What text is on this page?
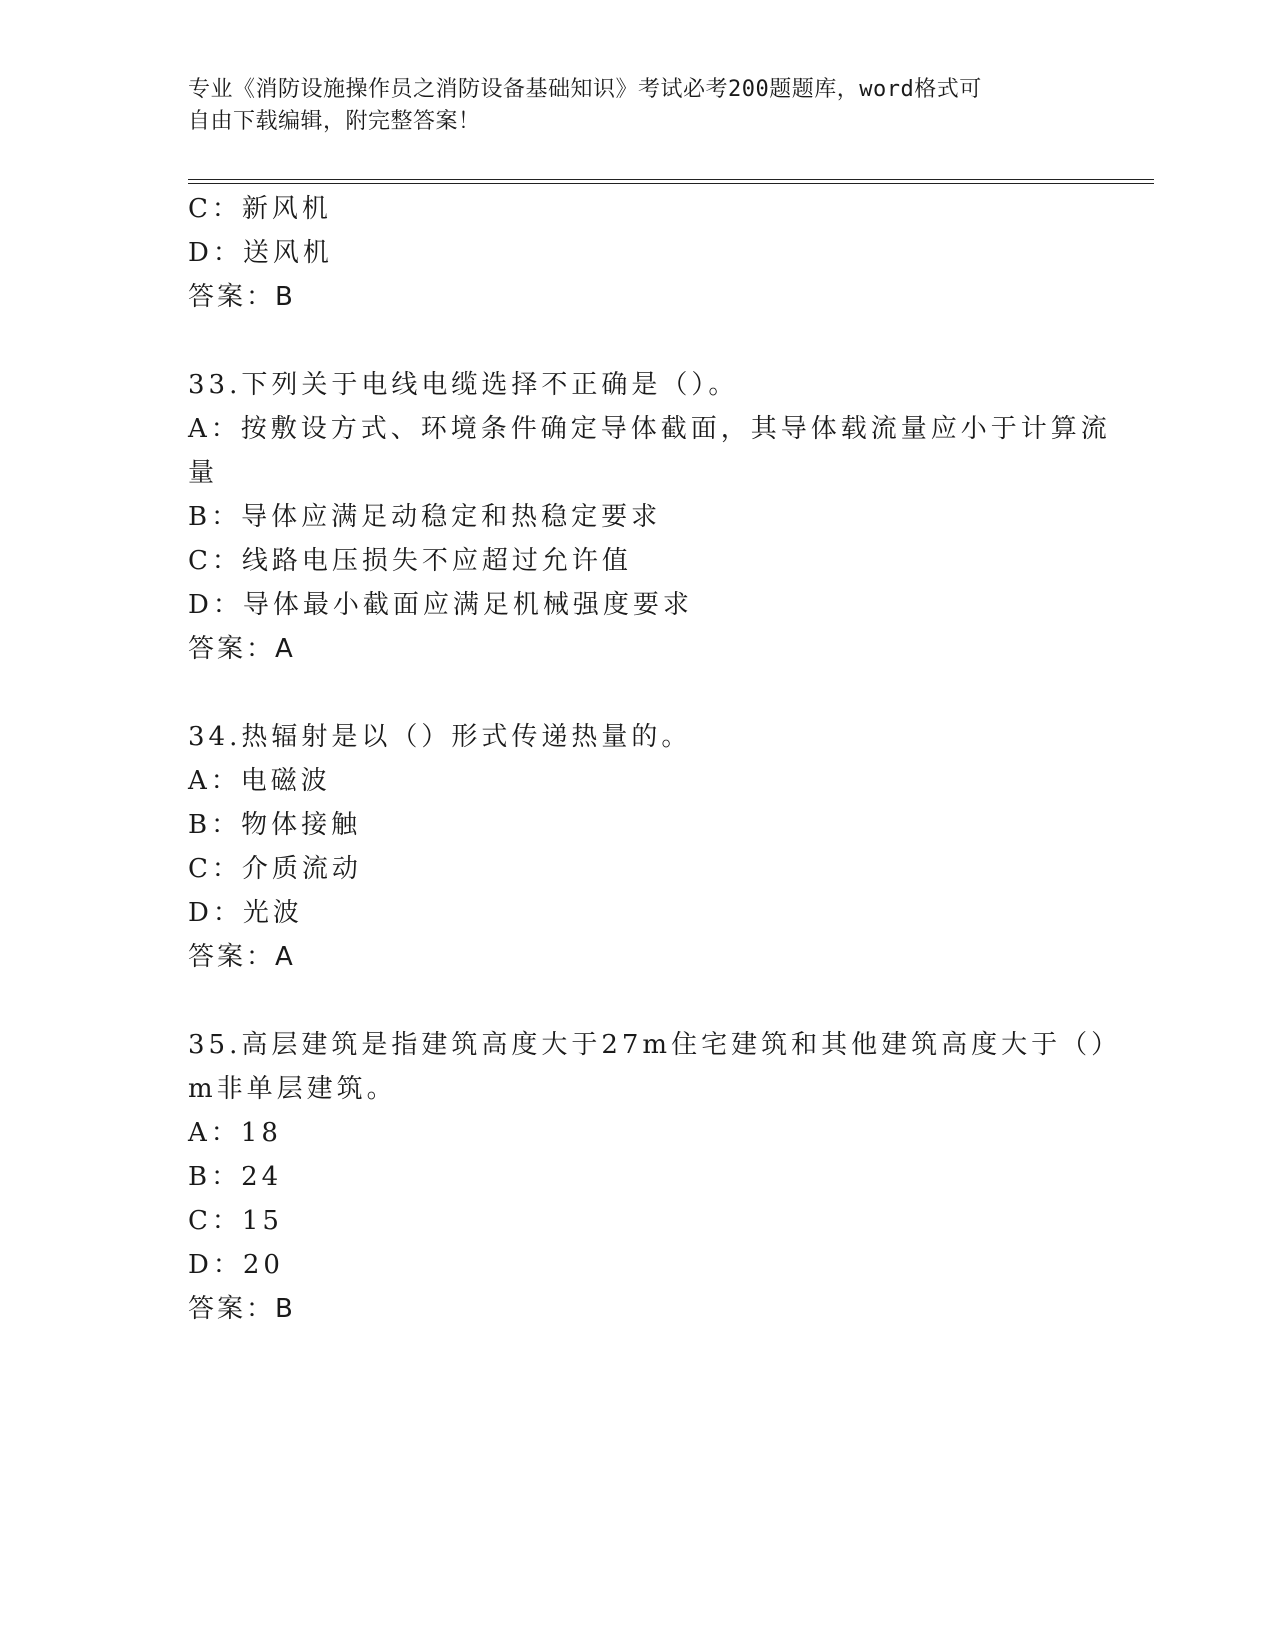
专业《消防设施操作员之消防设备基础知识》考试必考200题题库，word格式可
自由下载编辑，附完整答案！
C：新风机
D：送风机
答案：B
33.下列关于电线电缆选择不正确是（）。
A：按敷设方式、环境条件确定导体截面，其导体载流量应小于计算流
量
B：导体应满足动稳定和热稳定要求
C：线路电压损失不应超过允许值
D：导体最小截面应满足机械强度要求
答案：A
34.热辐射是以（）形式传递热量的。
A：电磁波
B：物体接触
C：介质流动
D：光波
答案：A
35.高层建筑是指建筑高度大于27m住宅建筑和其他建筑高度大于（）
m非单层建筑。
A：18
B：24
C：15
D：20
答案：B
